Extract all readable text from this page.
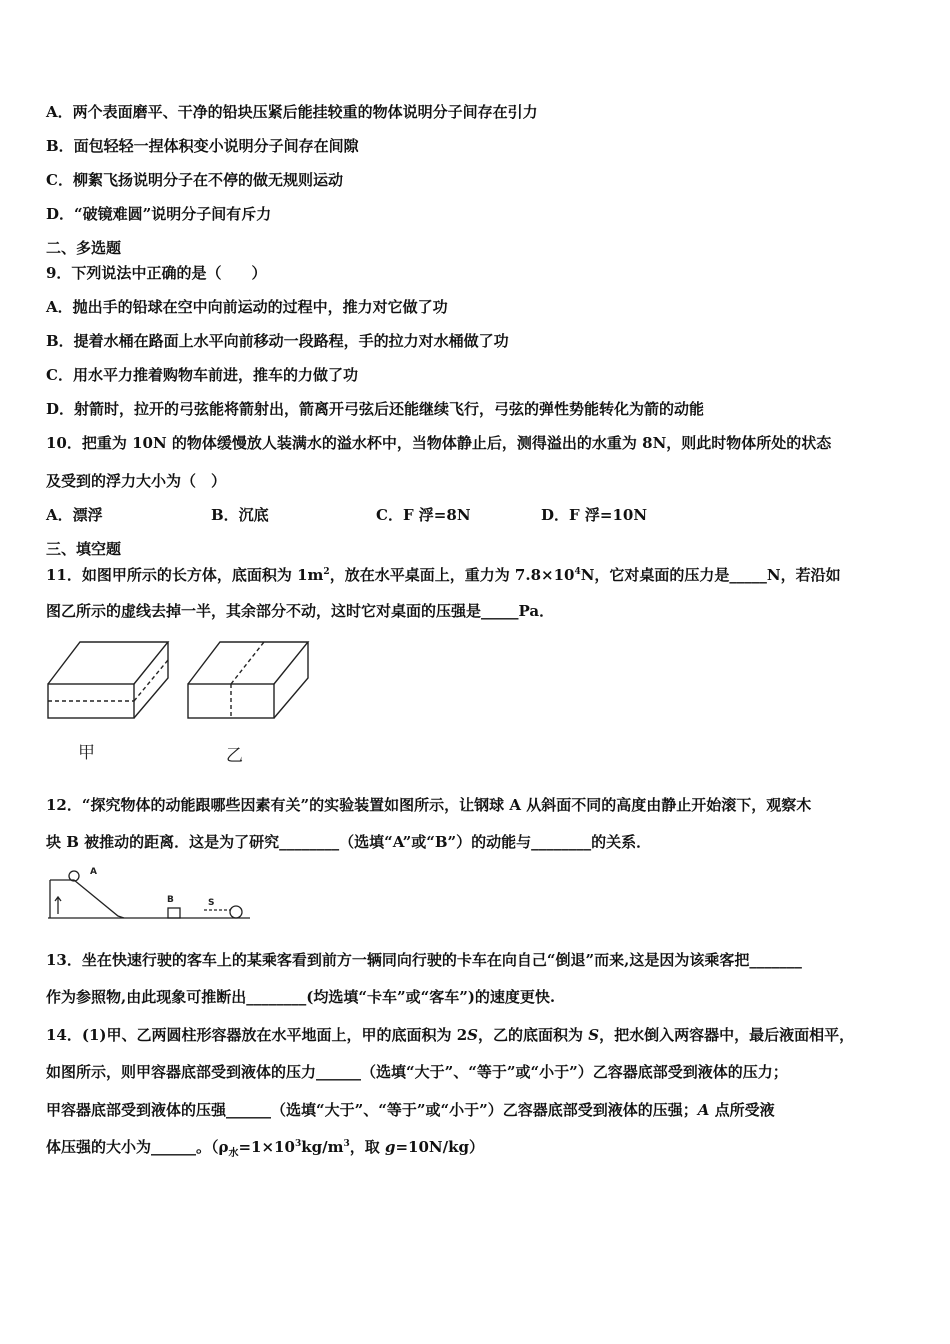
A．两个表面磨平、干净的铅块压紧后能挂较重的物体说明分子间存在引力
B．面包轻轻一捏体积变小说明分子间存在间隙
C．柳絮飞扬说明分子在不停的做无规则运动
D．“破镜难圆”说明分子间有斥力
二、多选题
9．下列说法中正确的是（　　）
A．抛出手的铅球在空中向前运动的过程中，推力对它做了功
B．提着水桶在路面上水平向前移动一段路程，手的拉力对水桶做了功
C．用水平力推着购物车前进，推车的力做了功
D．射箭时，拉开的弓弦能将箭射出，箭离开弓弦后还能继续飞行，弓弦的弹性势能转化为箭的动能
10．把重为 10N 的物体缓慢放人装满水的溢水杯中，当物体静止后，测得溢出的水重为 8N，则此时物体所处的状态
及受到的浮力大小为（　）
A．漂浮	B．沉底	C．F 浮=8N	D．F 浮=10N
三、填空题
11．如图甲所示的长方体，底面积为 $1m^2$，放在水平桌面上，重力为 $7.8\times 10^4N$，它对桌面的压力是_____N，若沿如
图乙所示的虚线去掉一半，其余部分不动，这时它对桌面的压强是_____Pa．
甲	乙
12．“探究物体的动能跟哪些因素有关”的实验装置如图所示，让钢球 A 从斜面不同的高度由静止开始滚下，观察木
块 B 被推动的距离．这是为了研究________（选填“A”或“B”）的动能与________的关系．
A
B	S
13．坐在快速行驶的客车上的某乘客看到前方一辆同向行驶的卡车在向自己“倒退”而来,这是因为该乘客把_______
作为参照物,由此现象可推断出________(均选填“卡车”或“客车”)的速度更快.
14．(1)甲、乙两圆柱形容器放在水平地面上，甲的底面积为 2S，乙的底面积为 S，把水倒入两容器中，最后液面相平，
如图所示，则甲容器底部受到液体的压力______（选填“大于”、“等于”或“小于”）乙容器底部受到液体的压力；
甲容器底部受到液体的压强______（选填“大于”、“等于”或“小于”）乙容器底部受到液体的压强；A 点所受液
体压强的大小为______。（$\rho_水=1\times 10^3kg/m^3$，取 g=10N/kg）
